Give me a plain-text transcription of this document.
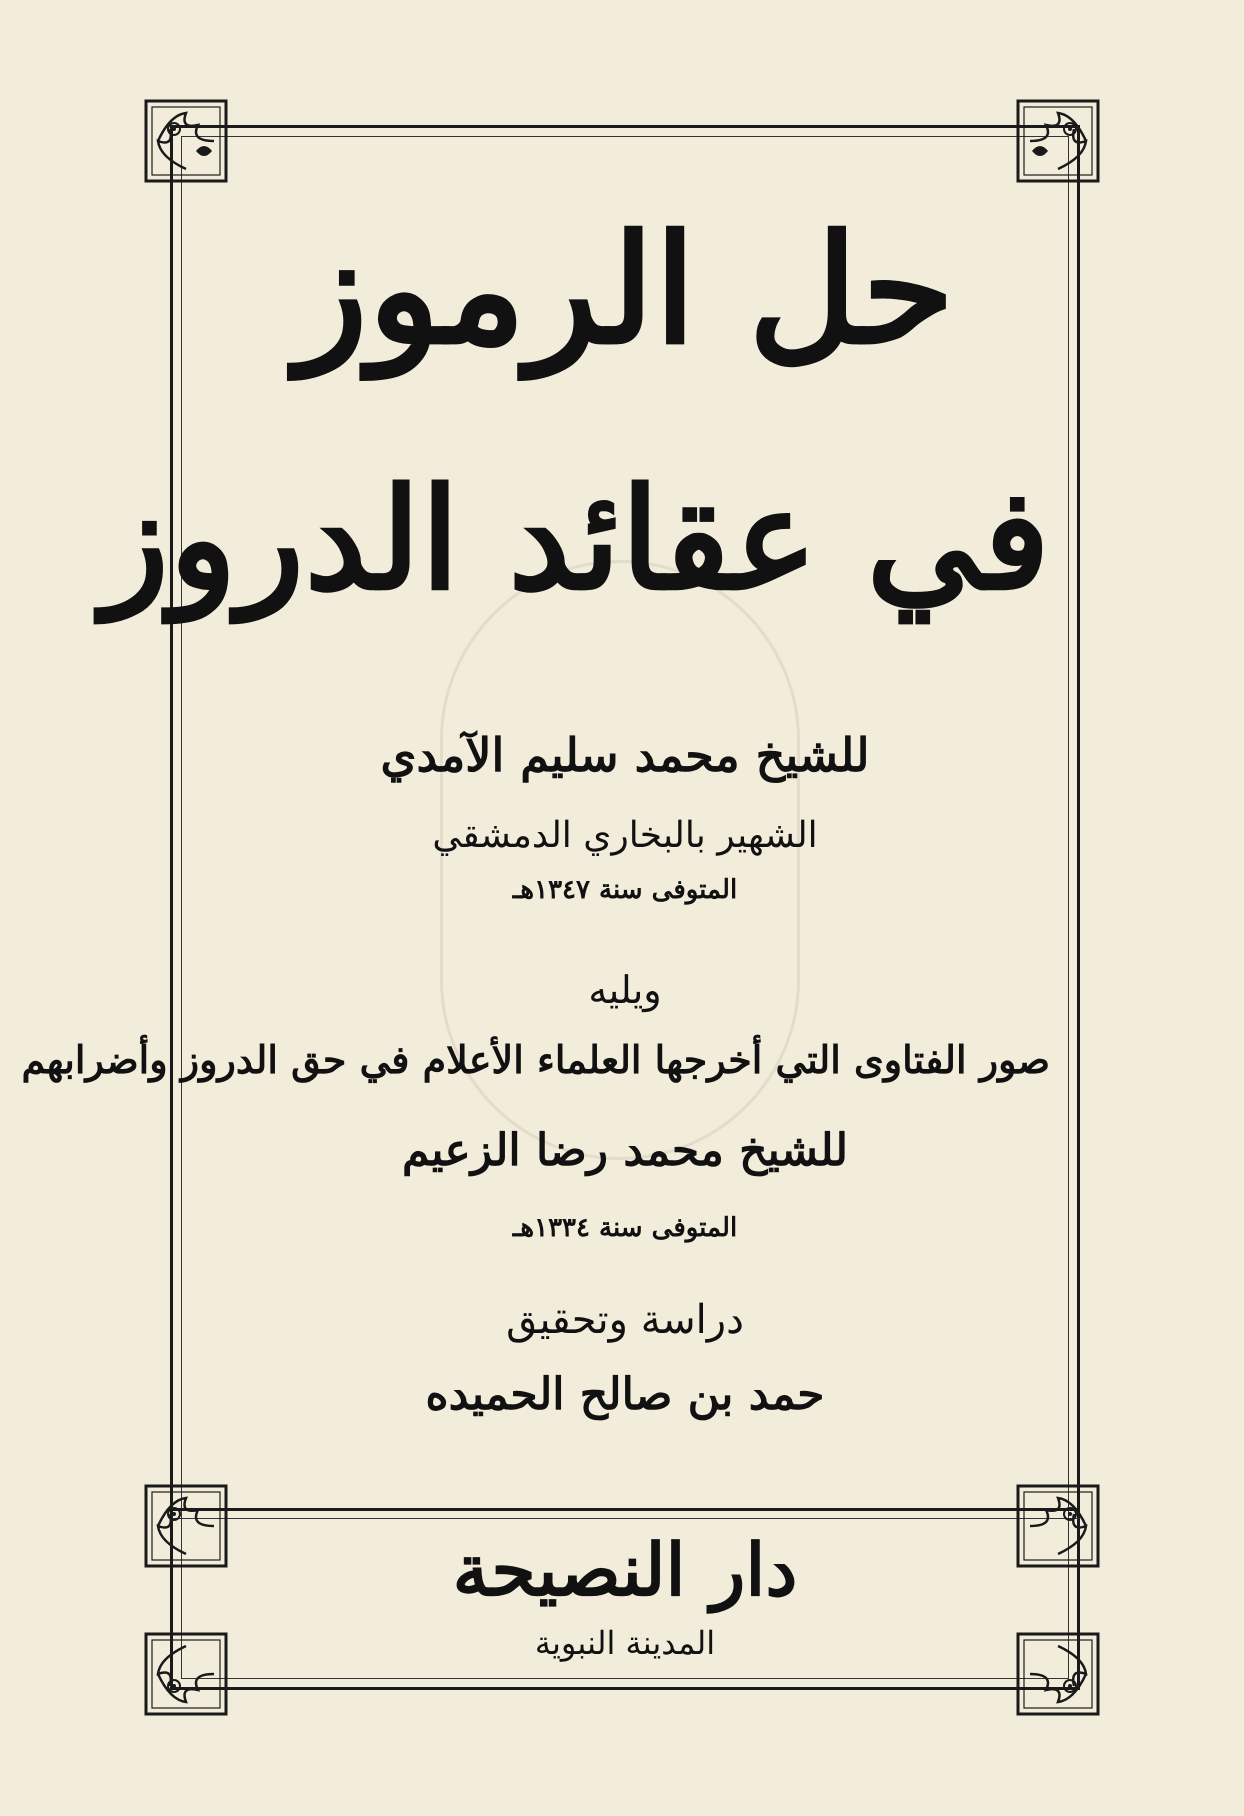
حل الرموز
في عقائد الدروز
للشيخ محمد سليم الآمدي
الشهير بالبخاري الدمشقي
المتوفى سنة ١٣٤٧هـ
ويليه
صور الفتاوى التي أخرجها العلماء الأعلام في حق الدروز وأضرابهم
للشيخ محمد رضا الزعيم
المتوفى سنة ١٣٣٤هـ
دراسة وتحقيق
حمد بن صالح الحميده
دار النصيحة
المدينة النبوية
